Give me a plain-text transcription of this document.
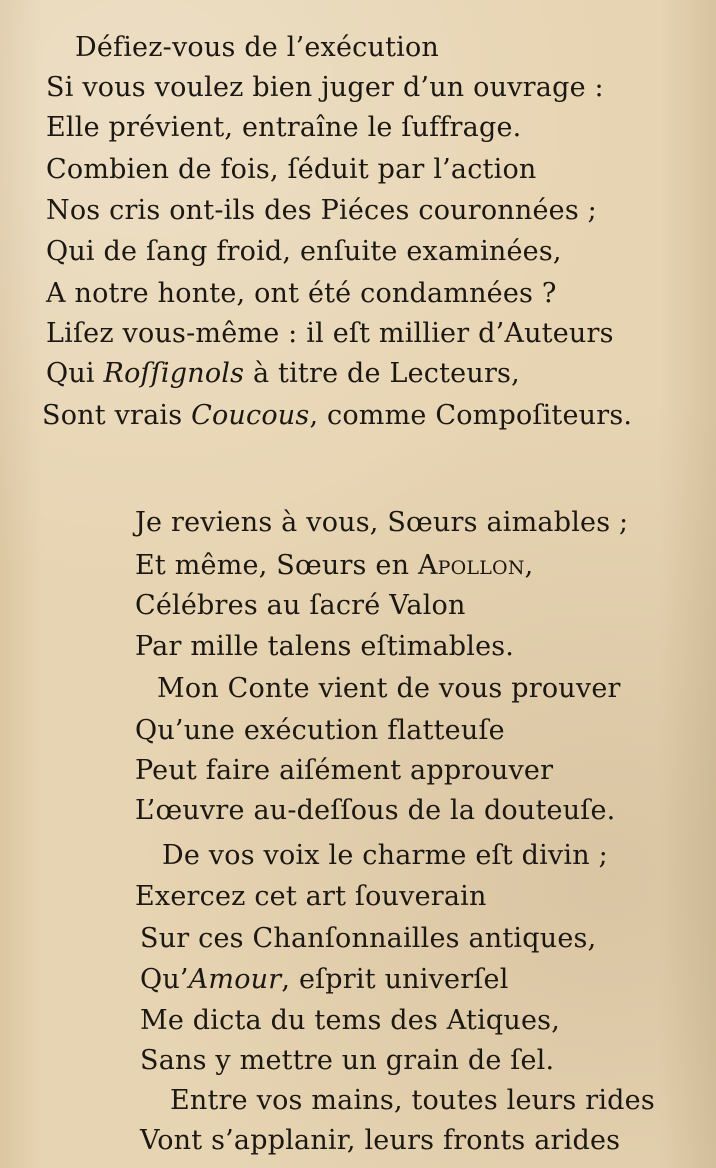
Défiez-vous de l’exécution
Si vous voulez bien juger d’un ouvrage :
Elle prévient, entraîne le ſuffrage.
Combien de fois, ſéduit par l’action
Nos cris ont-ils des Piéces couronnées ;
Qui de ſang froid, enſuite examinées,
A notre honte, ont été condamnées ?
Liſez vous-même : il eſt millier d’Auteurs
Qui Roſſignols à titre de Lecteurs,
Sont vrais Coucous, comme Compoſiteurs.
Je reviens à vous, Sœurs aimables ;
Et même, Sœurs en Apollon,
Célébres au ſacré Valon
Par mille talens eſtimables.
Mon Conte vient de vous prouver
Qu’une exécution flatteuſe
Peut faire aiſément approuver
L’œuvre au-deſſous de la douteuſe.
De vos voix le charme eſt divin ;
Exercez cet art ſouverain
Sur ces Chanſonnailles antiques,
Qu’Amour, eſprit univerſel
Me dicta du tems des Atiques,
Sans y mettre un grain de ſel.
Entre vos mains, toutes leurs rides
Vont s’applanir, leurs fronts arides
